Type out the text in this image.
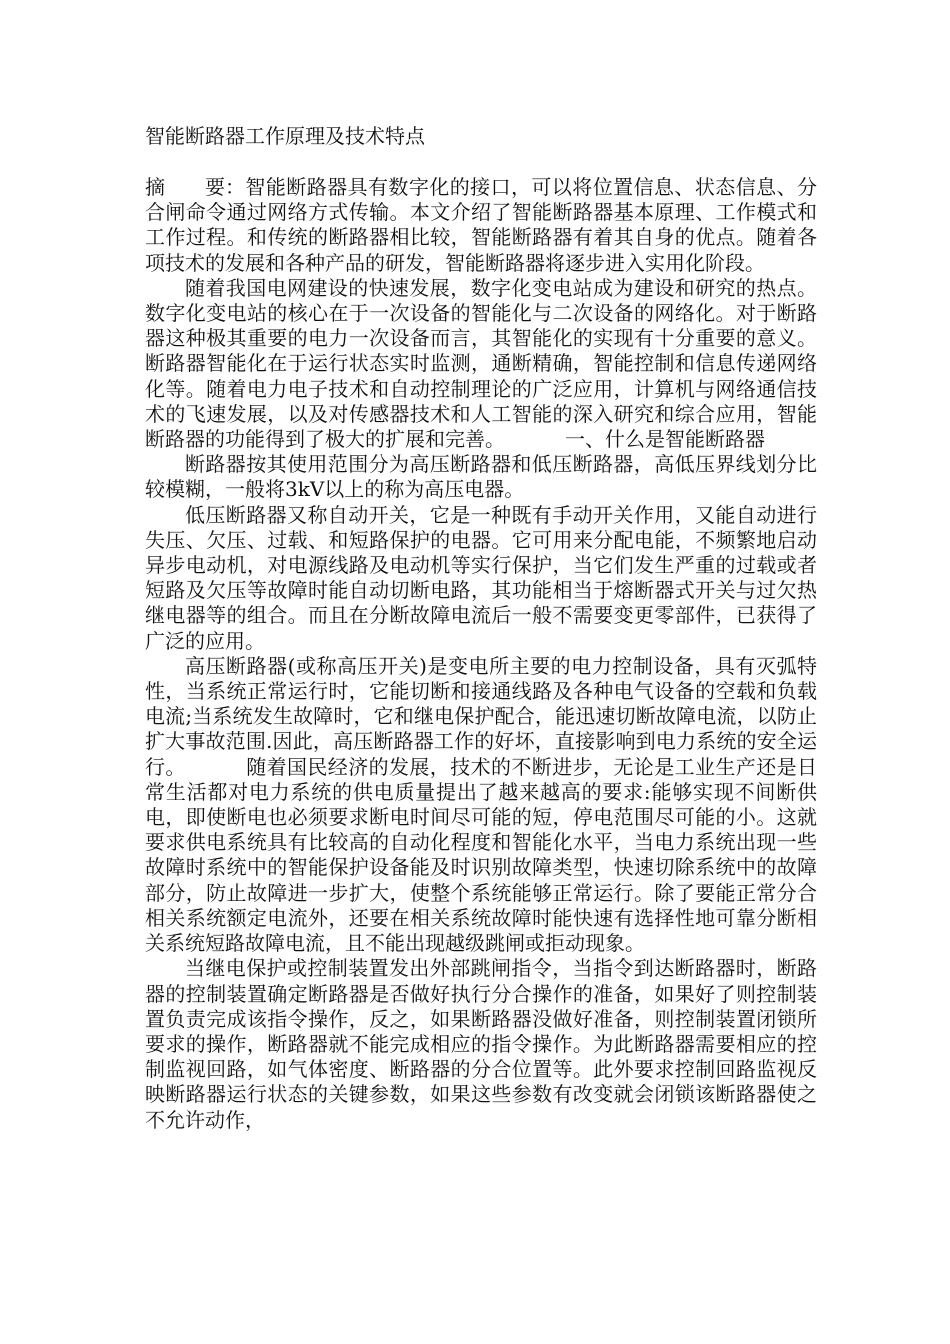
智能断路器工作原理及技术特点

摘　　要：智能断路器具有数字化的接口，可以将位置信息、状态信息、分合闸命令通过网络方式传输。本文介绍了智能断路器基本原理、工作模式和工作过程。和传统的断路器相比较，智能断路器有着其自身的优点。随着各项技术的发展和各种产品的研发，智能断路器将逐步进入实用化阶段。

随着我国电网建设的快速发展，数字化变电站成为建设和研究的热点。数字化变电站的核心在于一次设备的智能化与二次设备的网络化。对于断路器这种极其重要的电力一次设备而言，其智能化的实现有十分重要的意义。断路器智能化在于运行状态实时监测，通断精确，智能控制和信息传递网络化等。随着电力电子技术和自动控制理论的广泛应用，计算机与网络通信技术的飞速发展，以及对传感器技术和人工智能的深入研究和综合应用，智能断路器的功能得到了极大的扩展和完善。	一、什么是智能断路器

断路器按其使用范围分为高压断路器和低压断路器，高低压界线划分比较模糊，一般将3kV以上的称为高压电器。

低压断路器又称自动开关，它是一种既有手动开关作用，又能自动进行失压、欠压、过载、和短路保护的电器。它可用来分配电能，不频繁地启动异步电动机，对电源线路及电动机等实行保护，当它们发生严重的过载或者短路及欠压等故障时能自动切断电路，其功能相当于熔断器式开关与过欠热继电器等的组合。而且在分断故障电流后一般不需要变更零部件，已获得了广泛的应用。

高压断路器(或称高压开关)是变电所主要的电力控制设备，具有灭弧特性，当系统正常运行时，它能切断和接通线路及各种电气设备的空载和负载电流;当系统发生故障时，它和继电保护配合，能迅速切断故障电流，以防止扩大事故范围.因此，高压断路器工作的好坏，直接影响到电力系统的安全运行。	随着国民经济的发展，技术的不断进步，无论是工业生产还是日常生活都对电力系统的供电质量提出了越来越高的要求:能够实现不间断供电，即使断电也必须要求断电时间尽可能的短，停电范围尽可能的小。这就要求供电系统具有比较高的自动化程度和智能化水平，当电力系统出现一些故障时系统中的智能保护设备能及时识别故障类型，快速切除系统中的故障部分，防止故障进一步扩大，使整个系统能够正常运行。除了要能正常分合相关系统额定电流外，还要在相关系统故障时能快速有选择性地可靠分断相关系统短路故障电流，且不能出现越级跳闸或拒动现象。

当继电保护或控制装置发出外部跳闸指令，当指令到达断路器时，断路器的控制装置确定断路器是否做好执行分合操作的准备，如果好了则控制装置负责完成该指令操作，反之，如果断路器没做好准备，则控制装置闭锁所要求的操作，断路器就不能完成相应的指令操作。为此断路器需要相应的控制监视回路，如气体密度、断路器的分合位置等。此外要求控制回路监视反映断路器运行状态的关键参数，如果这些参数有改变就会闭锁该断路器使之不允许动作，
